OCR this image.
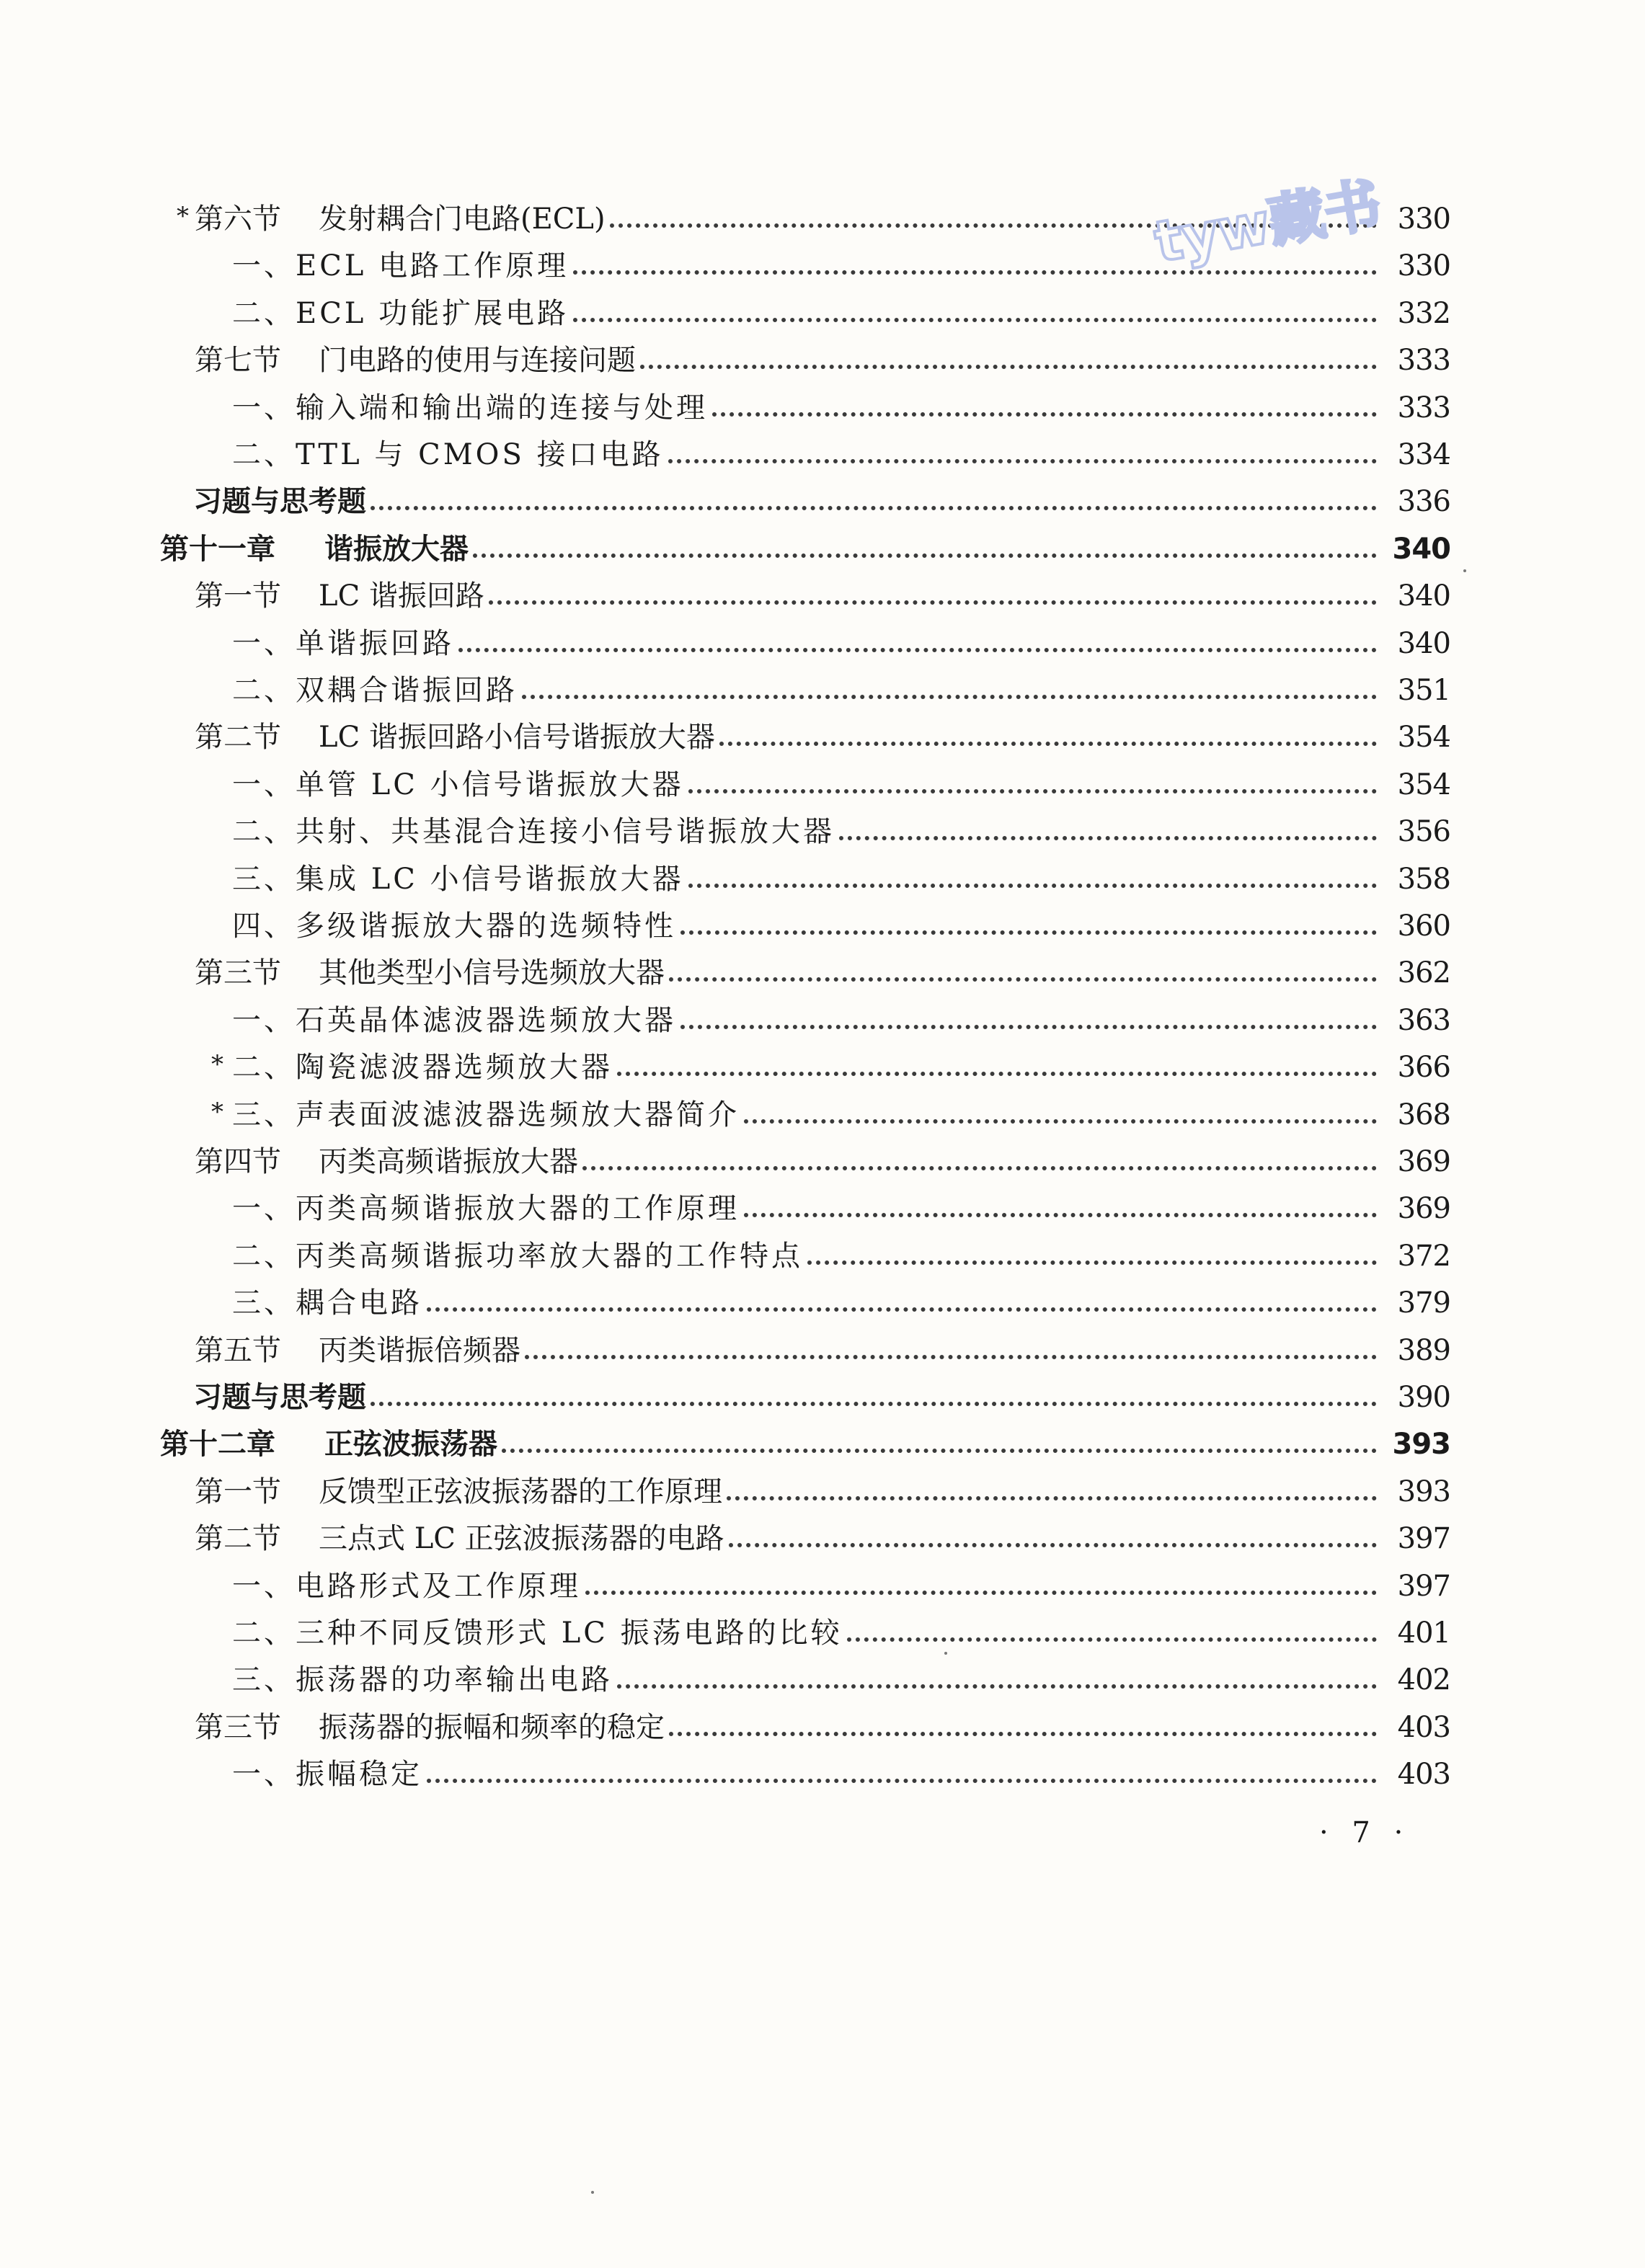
* 第六节 发射耦合门电路(ECL)	330
一、ECL 电路工作原理	330
二、ECL 功能扩展电路	332
第七节 门电路的使用与连接问题	333
一、输入端和输出端的连接与处理	333
二、TTL 与 CMOS 接口电路	334
习题与思考题	336
第十一章 谐振放大器	340
第一节 LC 谐振回路	340
一、单谐振回路	340
二、双耦合谐振回路	351
第二节 LC 谐振回路小信号谐振放大器	354
一、单管 LC 小信号谐振放大器	354
二、共射、共基混合连接小信号谐振放大器	356
三、集成 LC 小信号谐振放大器	358
四、多级谐振放大器的选频特性	360
第三节 其他类型小信号选频放大器	362
一、石英晶体滤波器选频放大器	363
* 二、陶瓷滤波器选频放大器	366
* 三、声表面波滤波器选频放大器简介	368
第四节 丙类高频谐振放大器	369
一、丙类高频谐振放大器的工作原理	369
二、丙类高频谐振功率放大器的工作特点	372
三、耦合电路	379
第五节 丙类谐振倍频器	389
习题与思考题	390
第十二章 正弦波振荡器	393
第一节 反馈型正弦波振荡器的工作原理	393
第二节 三点式 LC 正弦波振荡器的电路	397
一、电路形式及工作原理	397
二、三种不同反馈形式 LC 振荡电路的比较	401
三、振荡器的功率输出电路	402
第三节 振荡器的振幅和频率的稳定	403
一、振幅稳定	403
· 7 ·
tyw藏书
